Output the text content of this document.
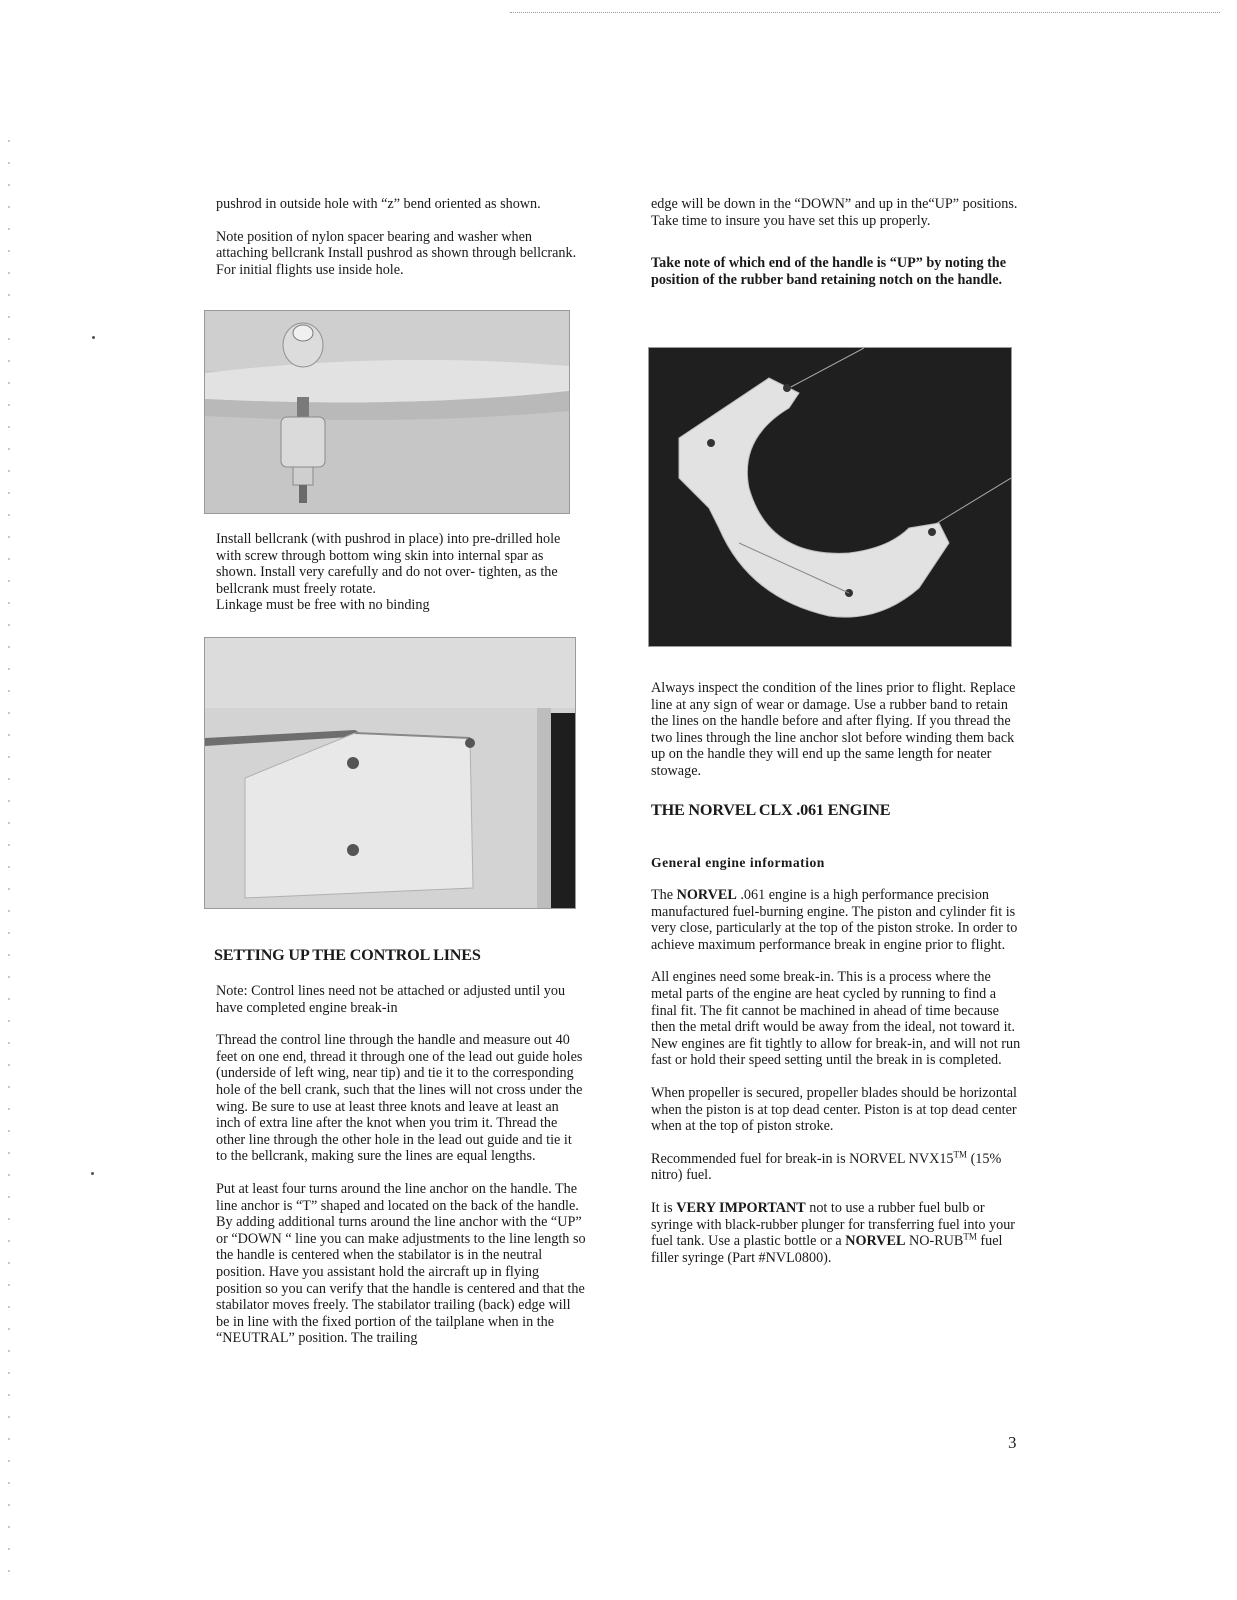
pushrod in outside hole with “z” bend oriented as shown.

Note position of nylon spacer bearing and washer when attaching bellcrank Install pushrod as shown through bellcrank. For initial flights use inside hole.

Install bellcrank (with pushrod in place) into pre-drilled hole with screw through bottom wing skin into internal spar as shown. Install very carefully and do not over- tighten, as the bellcrank must freely rotate.

Linkage must be free with no binding

SETTING UP THE CONTROL LINES

Note: Control lines need not be attached or adjusted until you have completed engine break-in

Thread the control line through the handle and measure out 40 feet on one end, thread it through one of the lead out guide holes (underside of left wing, near tip) and tie it to the corresponding hole of the bell crank, such that the lines will not cross under the wing. Be sure to use at least three knots and leave at least an inch of extra line after the knot when you trim it. Thread the other line through the other hole in the lead out guide and tie it to the bellcrank, making sure the lines are equal lengths.

Put at least four turns around the line anchor on the handle. The line anchor is “T” shaped and located on the back of the handle. By adding additional turns around the line anchor with the “UP” or “DOWN “ line you can make adjustments to the line length so the handle is centered when the stabilator is in the neutral position. Have you assistant hold the aircraft up in flying position so you can verify that the handle is centered and that the stabilator moves freely. The stabilator trailing (back) edge will be in line with the fixed portion of the tailplane when in the “NEUTRAL” position. The trailing

edge will be down in the “DOWN” and up in the“UP” positions. Take time to insure you have set this up properly.

Take note of which end of the handle is “UP” by noting the position of the rubber band retaining notch on the handle.

Always inspect the condition of the lines prior to flight. Replace line at any sign of wear or damage. Use a rubber band to retain the lines on the handle before and after flying. If you thread the two lines through the line anchor slot before winding them back up on the handle they will end up the same length for neater stowage.

THE NORVEL CLX .061 ENGINE
General engine information

The NORVEL .061 engine is a high performance precision manufactured fuel-burning engine. The piston and cylinder fit is very close, particularly at the top of the piston stroke. In order to achieve maximum performance break in engine prior to flight.

All engines need some break-in. This is a process where the metal parts of the engine are heat cycled by running to find a final fit. The fit cannot be machined in ahead of time because then the metal drift would be away from the ideal, not toward it. New engines are fit tightly to allow for break-in, and will not run fast or hold their speed setting until the break in is completed.

When propeller is secured, propeller blades should be horizontal when the piston is at top dead center. Piston is at top dead center when at the top of piston stroke.

Recommended fuel for break-in is NORVEL NVX15™ (15% nitro) fuel.

It is VERY IMPORTANT not to use a rubber fuel bulb or syringe with black-rubber plunger for transferring fuel into your fuel tank. Use a plastic bottle or a NORVEL NO-RUB™ fuel filler syringe (Part #NVL0800).

3
